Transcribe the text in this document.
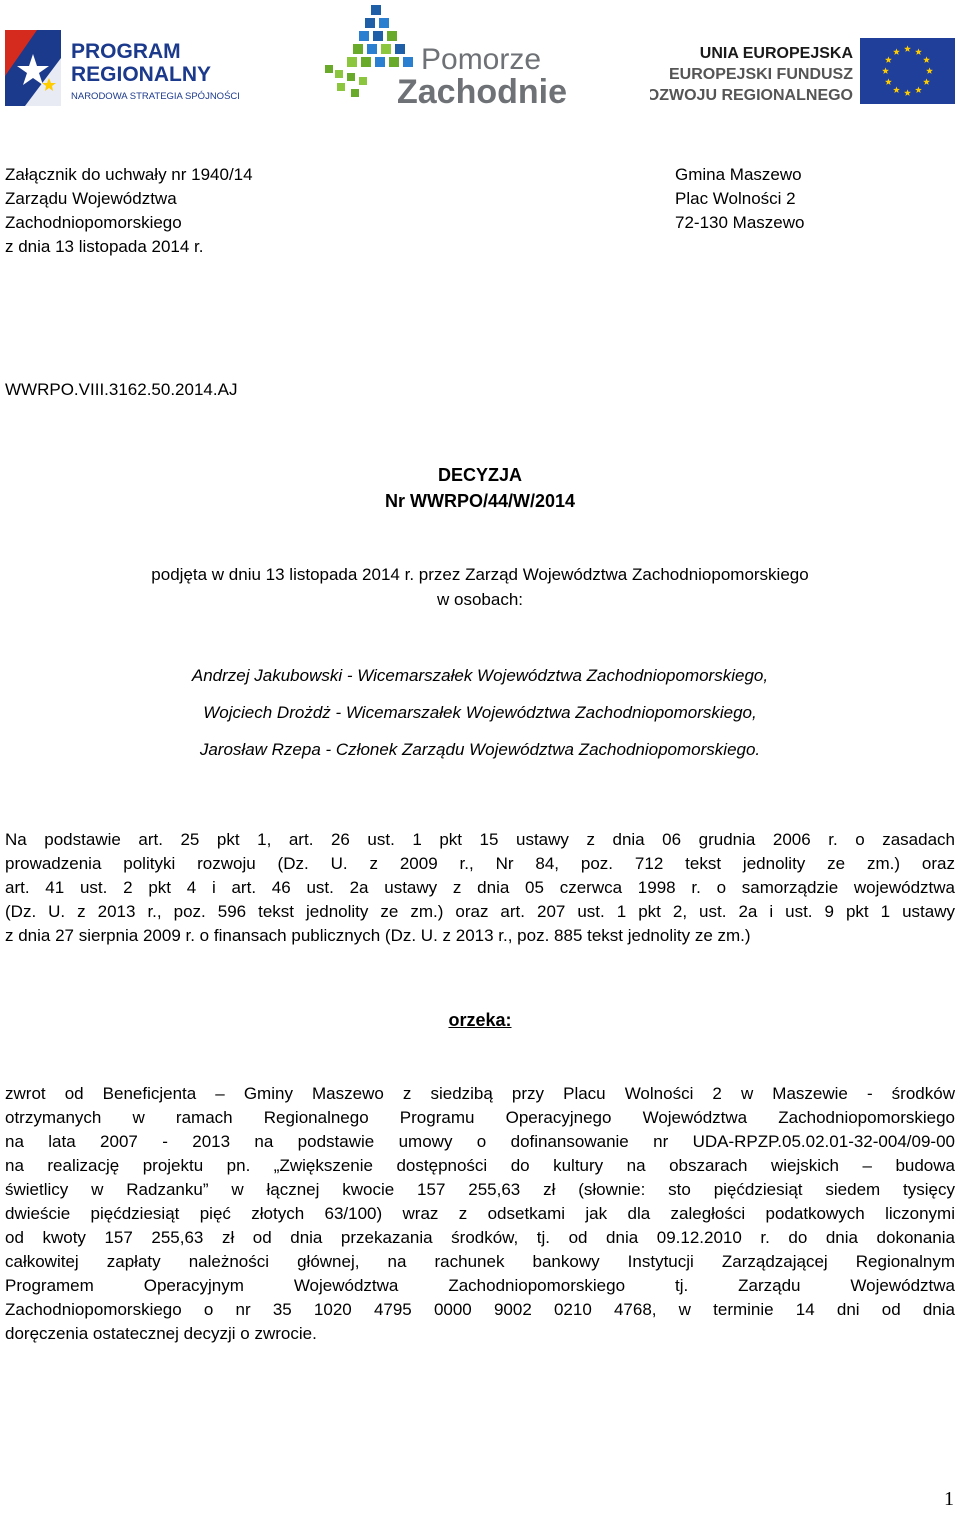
PROGRAM
REGIONALNY
NARODOWA STRATEGIA SPÓJNOŚCI
Pomorze
Zachodnie
UNIA EUROPEJSKA
EUROPEJSKI FUNDUSZ
ROZWOJU REGIONALNEGO
Załącznik do uchwały nr 1940/14
Zarządu Województwa
Zachodniopomorskiego
z dnia 13 listopada 2014 r.
Gmina Maszewo
Plac Wolności 2
72-130 Maszewo
WWRPO.VIII.3162.50.2014.AJ
DECYZJA
Nr WWRPO/44/W/2014
podjęta w dniu 13 listopada 2014 r. przez Zarząd Województwa Zachodniopomorskiego
w osobach:
Andrzej Jakubowski - Wicemarszałek Województwa Zachodniopomorskiego,
Wojciech Drożdż - Wicemarszałek Województwa Zachodniopomorskiego,
Jarosław Rzepa - Członek Zarządu Województwa Zachodniopomorskiego.
Na podstawie art. 25 pkt 1, art. 26 ust. 1 pkt 15 ustawy z dnia 06 grudnia 2006 r. o zasadach
prowadzenia polityki rozwoju (Dz. U. z 2009 r., Nr 84, poz. 712 tekst jednolity ze zm.) oraz
art. 41 ust. 2 pkt 4 i art. 46 ust. 2a ustawy z dnia 05 czerwca 1998 r. o samorządzie województwa
(Dz. U. z 2013 r., poz. 596 tekst jednolity ze zm.) oraz art. 207 ust. 1 pkt 2, ust. 2a i ust. 9 pkt 1 ustawy
z dnia 27 sierpnia 2009 r. o finansach publicznych (Dz. U. z 2013 r., poz. 885 tekst jednolity ze zm.)
orzeka:
zwrot od Beneficjenta – Gminy Maszewo z siedzibą przy Placu Wolności 2 w Maszewie - środków
otrzymanych w ramach Regionalnego Programu Operacyjnego Województwa Zachodniopomorskiego
na lata 2007 - 2013 na podstawie umowy o dofinansowanie nr UDA-RPZP.05.02.01-32-004/09-00
na realizację projektu pn. „Zwiększenie dostępności do kultury na obszarach wiejskich – budowa
świetlicy w Radzanku” w łącznej kwocie 157 255,63 zł (słownie: sto pięćdziesiąt siedem tysięcy
dwieście pięćdziesiąt pięć złotych 63/100) wraz z odsetkami jak dla zaległości podatkowych liczonymi
od kwoty 157 255,63 zł od dnia przekazania środków, tj. od dnia 09.12.2010 r. do dnia dokonania
całkowitej zapłaty należności głównej, na rachunek bankowy Instytucji Zarządzającej Regionalnym
Programem Operacyjnym Województwa Zachodniopomorskiego tj. Zarządu Województwa
Zachodniopomorskiego o nr 35 1020 4795 0000 9002 0210 4768, w terminie 14 dni od dnia
doręczenia ostatecznej decyzji o zwrocie.
1
